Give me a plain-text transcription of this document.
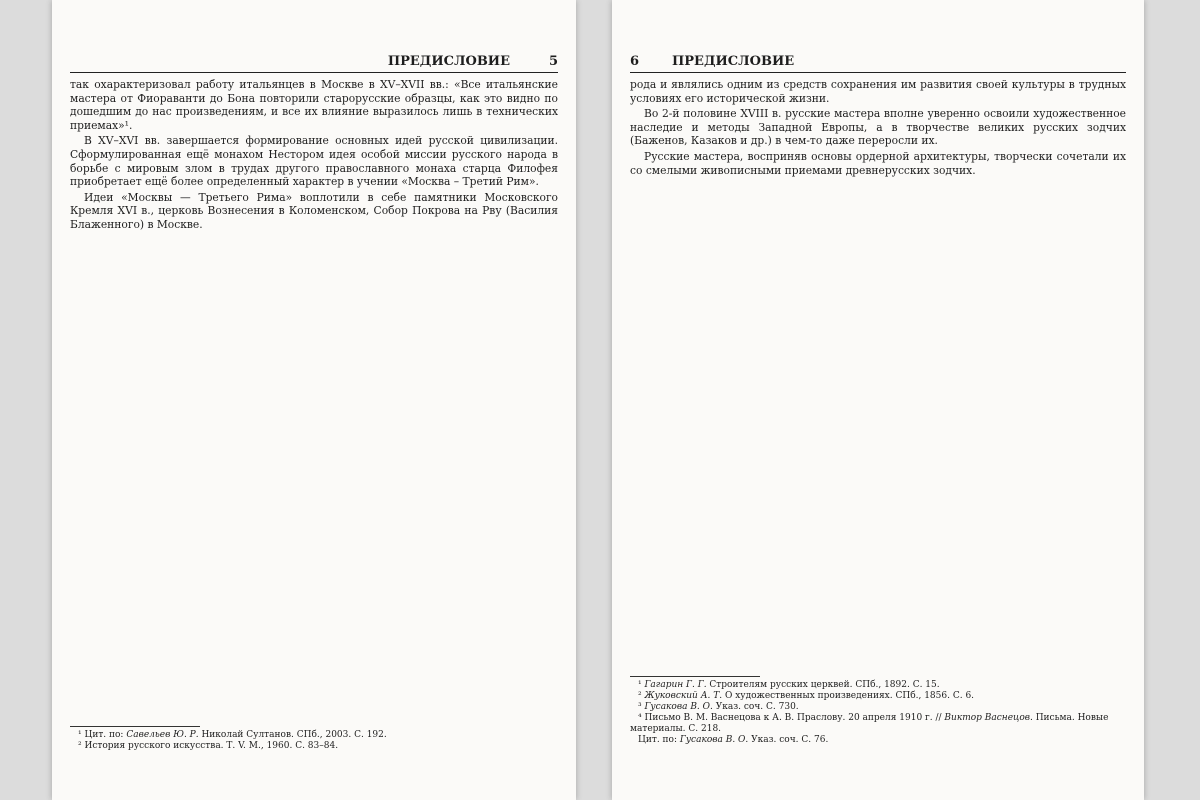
ПРЕДИСЛОВИЕ	5

так охарактеризовал работу итальянцев в Москве в XV–XVII вв.: «Все итальянские мастера от Фиораванти до Бона повторили старорусские образцы, как это видно по дошедшим до нас произведениям, и все их влияние выразилось лишь в технических приемах»¹.

В XV–XVI вв. завершается формирование основных идей русской цивилизации. Сформулированная ещё монахом Нестором идея особой миссии русского народа в борьбе с мировым злом в трудах другого православного монаха старца Филофея приобретает ещё более определенный характер в учении «Москва – Третий Рим».

Идеи «Москвы — Третьего Рима» воплотили в себе памятники Московского Кремля XVI в., церковь Вознесения в Коломенском, Собор Покрова на Рву (Василия Блаженного) в Москве.

¹ Цит. по: Савельев Ю. Р. Николай Султанов. СПб., 2003. С. 192.

² История русского искусства. Т. V. М., 1960. С. 83–84.

6	ПРЕДИСЛОВИЕ

рода и являлись одним из средств сохранения им развития своей культуры в трудных условиях его исторической жизни.

Во 2-й половине XVIII в. русские мастера вполне уверенно освоили художественное наследие и методы Западной Европы, а в творчестве великих русских зодчих (Баженов, Казаков и др.) в чем-то даже переросли их.

Русские мастера, восприняв основы ордерной архитектуры, творчески сочетали их со смелыми живописными приемами древнерусских зодчих.

¹ Гагарин Г. Г. Строителям русских церквей. СПб., 1892. С. 15.

² Жуковский А. Т. О художественных произведениях. СПб., 1856. С. 6.

³ Гусакова В. О. Указ. соч. С. 730.

⁴ Письмо В. М. Васнецова к А. В. Праслову. 20 апреля 1910 г. // Виктор Васнецов. Письма. Новые материалы. С. 218.

Цит. по: Гусакова В. О. Указ. соч. С. 76.
